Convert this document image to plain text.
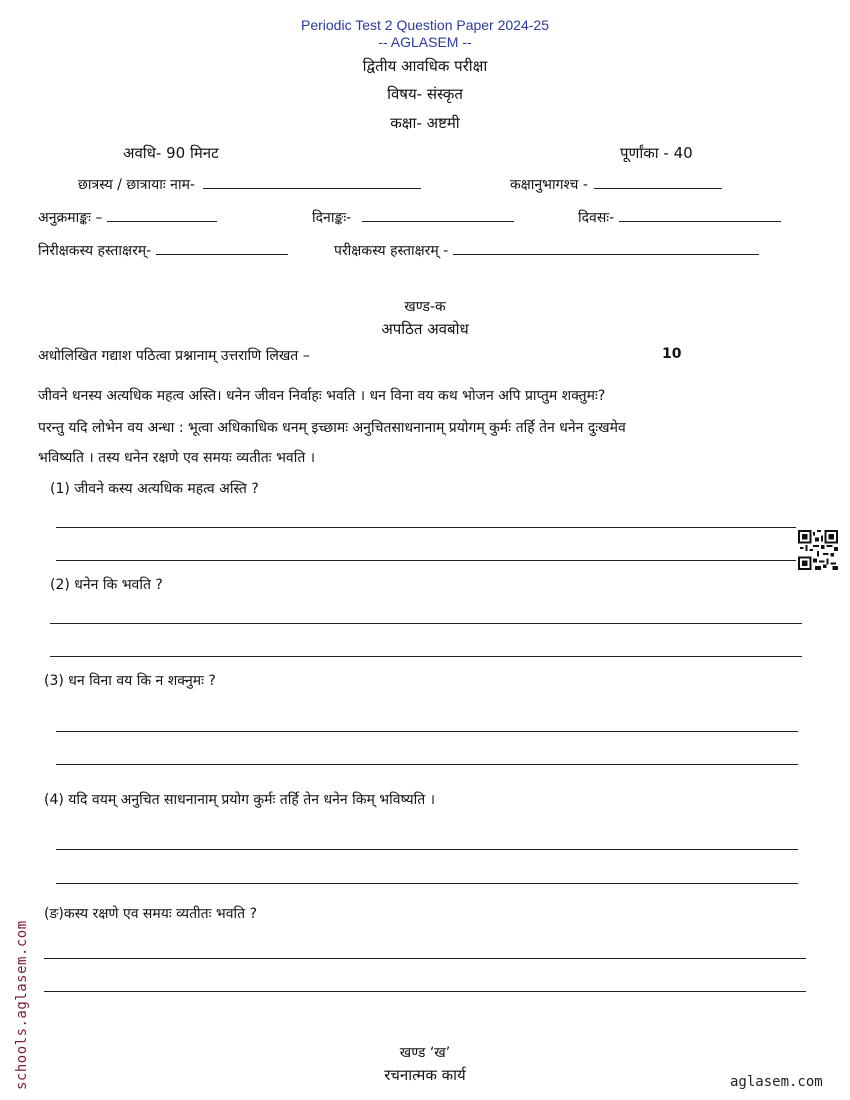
Periodic Test 2 Question Paper 2024-25
-- AGLASEM --
द्वितीय आवधिक परीक्षा
विषय- संस्कृत
कक्षा- अष्टमी
अवधि- 90 मिनट	पूर्णांका - 40
छात्रस्य / छात्रायाः नाम-	कक्षानुभागश्च -
अनुक्रमाङ्कः –	दिनाङ्कः-	दिवसः-
निरीक्षकस्य हस्ताक्षरम्-	परीक्षकस्य हस्ताक्षरम् -
खण्ड-क
अपठित अवबोध
अधोलिखित गद्याश पठित्वा प्रश्नानाम् उत्तराणि लिखत –	10
जीवने धनस्य अत्यधिक महत्व अस्ति। धनेन जीवन निर्वाहः भवति । धन विना वय कथ भोजन अपि प्राप्तुम शक्तुमः?
परन्तु यदि लोभेन वय अन्धा : भूत्वा अधिकाधिक धनम् इच्छामः अनुचितसाधनानाम् प्रयोगम् कुर्मः तर्हि तेन धनेन दुःखमेव
भविष्यति । तस्य धनेन रक्षणे एव समयः व्यतीतः भवति ।
(1) जीवने कस्य अत्यधिक महत्व अस्ति ?
(2) धनेन कि भवति ?
(3) धन विना वय कि न शक्नुमः ?
(4) यदि वयम् अनुचित साधनानाम् प्रयोग कुर्मः तर्हि तेन धनेन किम् भविष्यति ।
(ङ)कस्य रक्षणे एव समयः व्यतीतः भवति ?
खण्ड ‘ख’
रचनात्मक कार्य
schools.aglasem.com	aglasem.com
